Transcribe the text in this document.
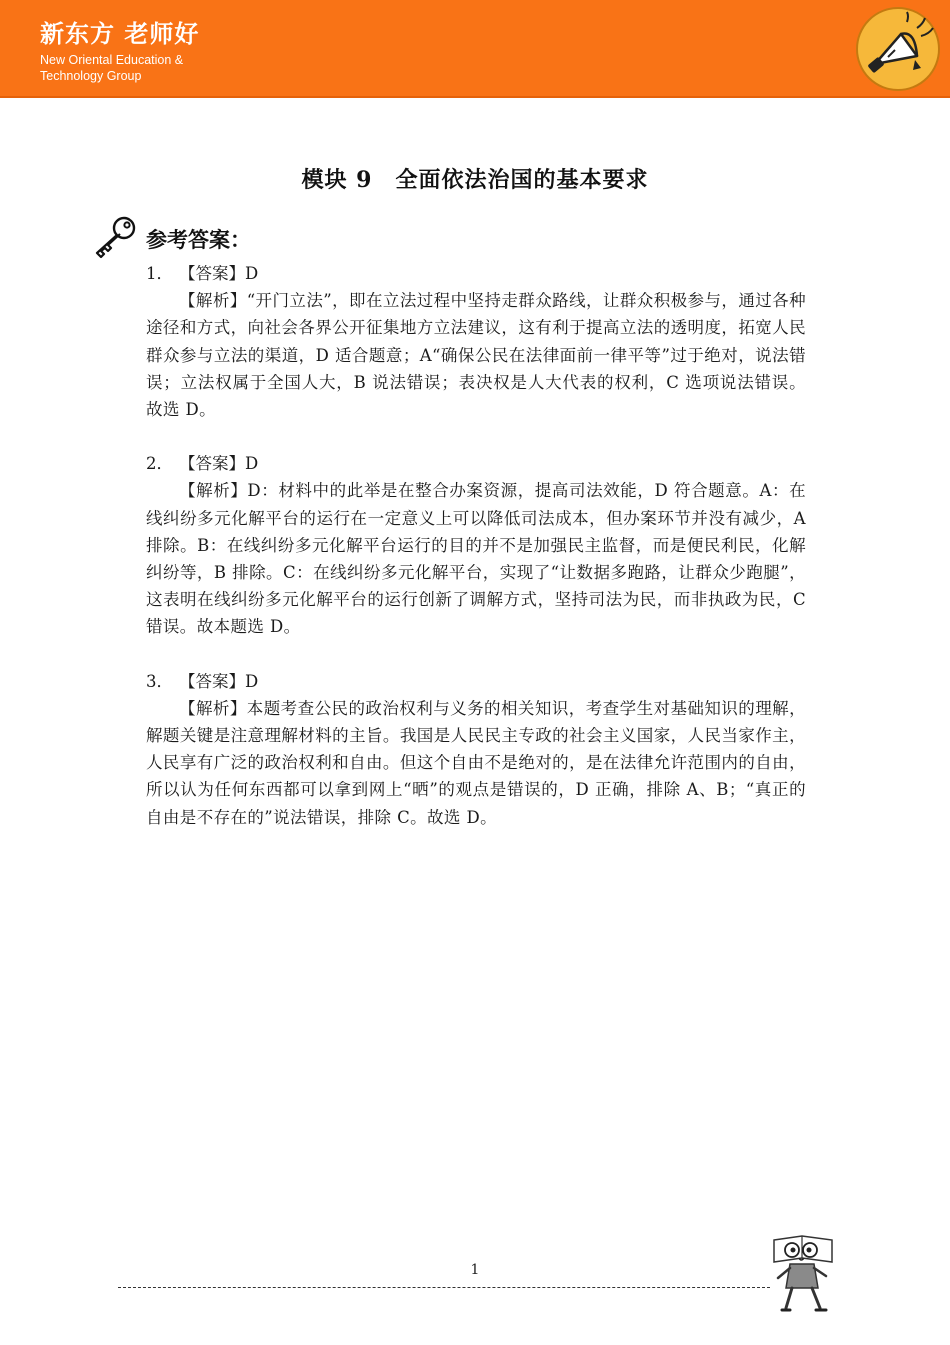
新东方 老师好
New Oriental Education & Technology Group
模块 9　全面依法治国的基本要求
参考答案：
1． 【答案】D
【解析】“开门立法”，即在立法过程中坚持走群众路线，让群众积极参与，通过各种途径和方式，向社会各界公开征集地方立法建议，这有利于提高立法的透明度，拓宽人民群众参与立法的渠道，D 适合题意；A“确保公民在法律面前一律平等”过于绝对，说法错误；立法权属于全国人大，B 说法错误；表决权是人大代表的权利，C 选项说法错误。故选 D。
2． 【答案】D
【解析】D：材料中的此举是在整合办案资源，提高司法效能，D 符合题意。A：在线纠纷多元化解平台的运行在一定意义上可以降低司法成本，但办案环节并没有减少，A 排除。B：在线纠纷多元化解平台运行的目的并不是加强民主监督，而是便民利民，化解纠纷等，B 排除。C：在线纠纷多元化解平台，实现了“让数据多跑路，让群众少跑腿”，这表明在线纠纷多元化解平台的运行创新了调解方式，坚持司法为民，而非执政为民，C 错误。故本题选 D。
3． 【答案】D
【解析】本题考查公民的政治权利与义务的相关知识，考查学生对基础知识的理解，解题关键是注意理解材料的主旨。我国是人民民主专政的社会主义国家，人民当家作主，人民享有广泛的政治权利和自由。但这个自由不是绝对的，是在法律允许范围内的自由，所以认为任何东西都可以拿到网上“晒”的观点是错误的，D 正确，排除 A、B；“真正的自由是不存在的”说法错误，排除 C。故选 D。
1
